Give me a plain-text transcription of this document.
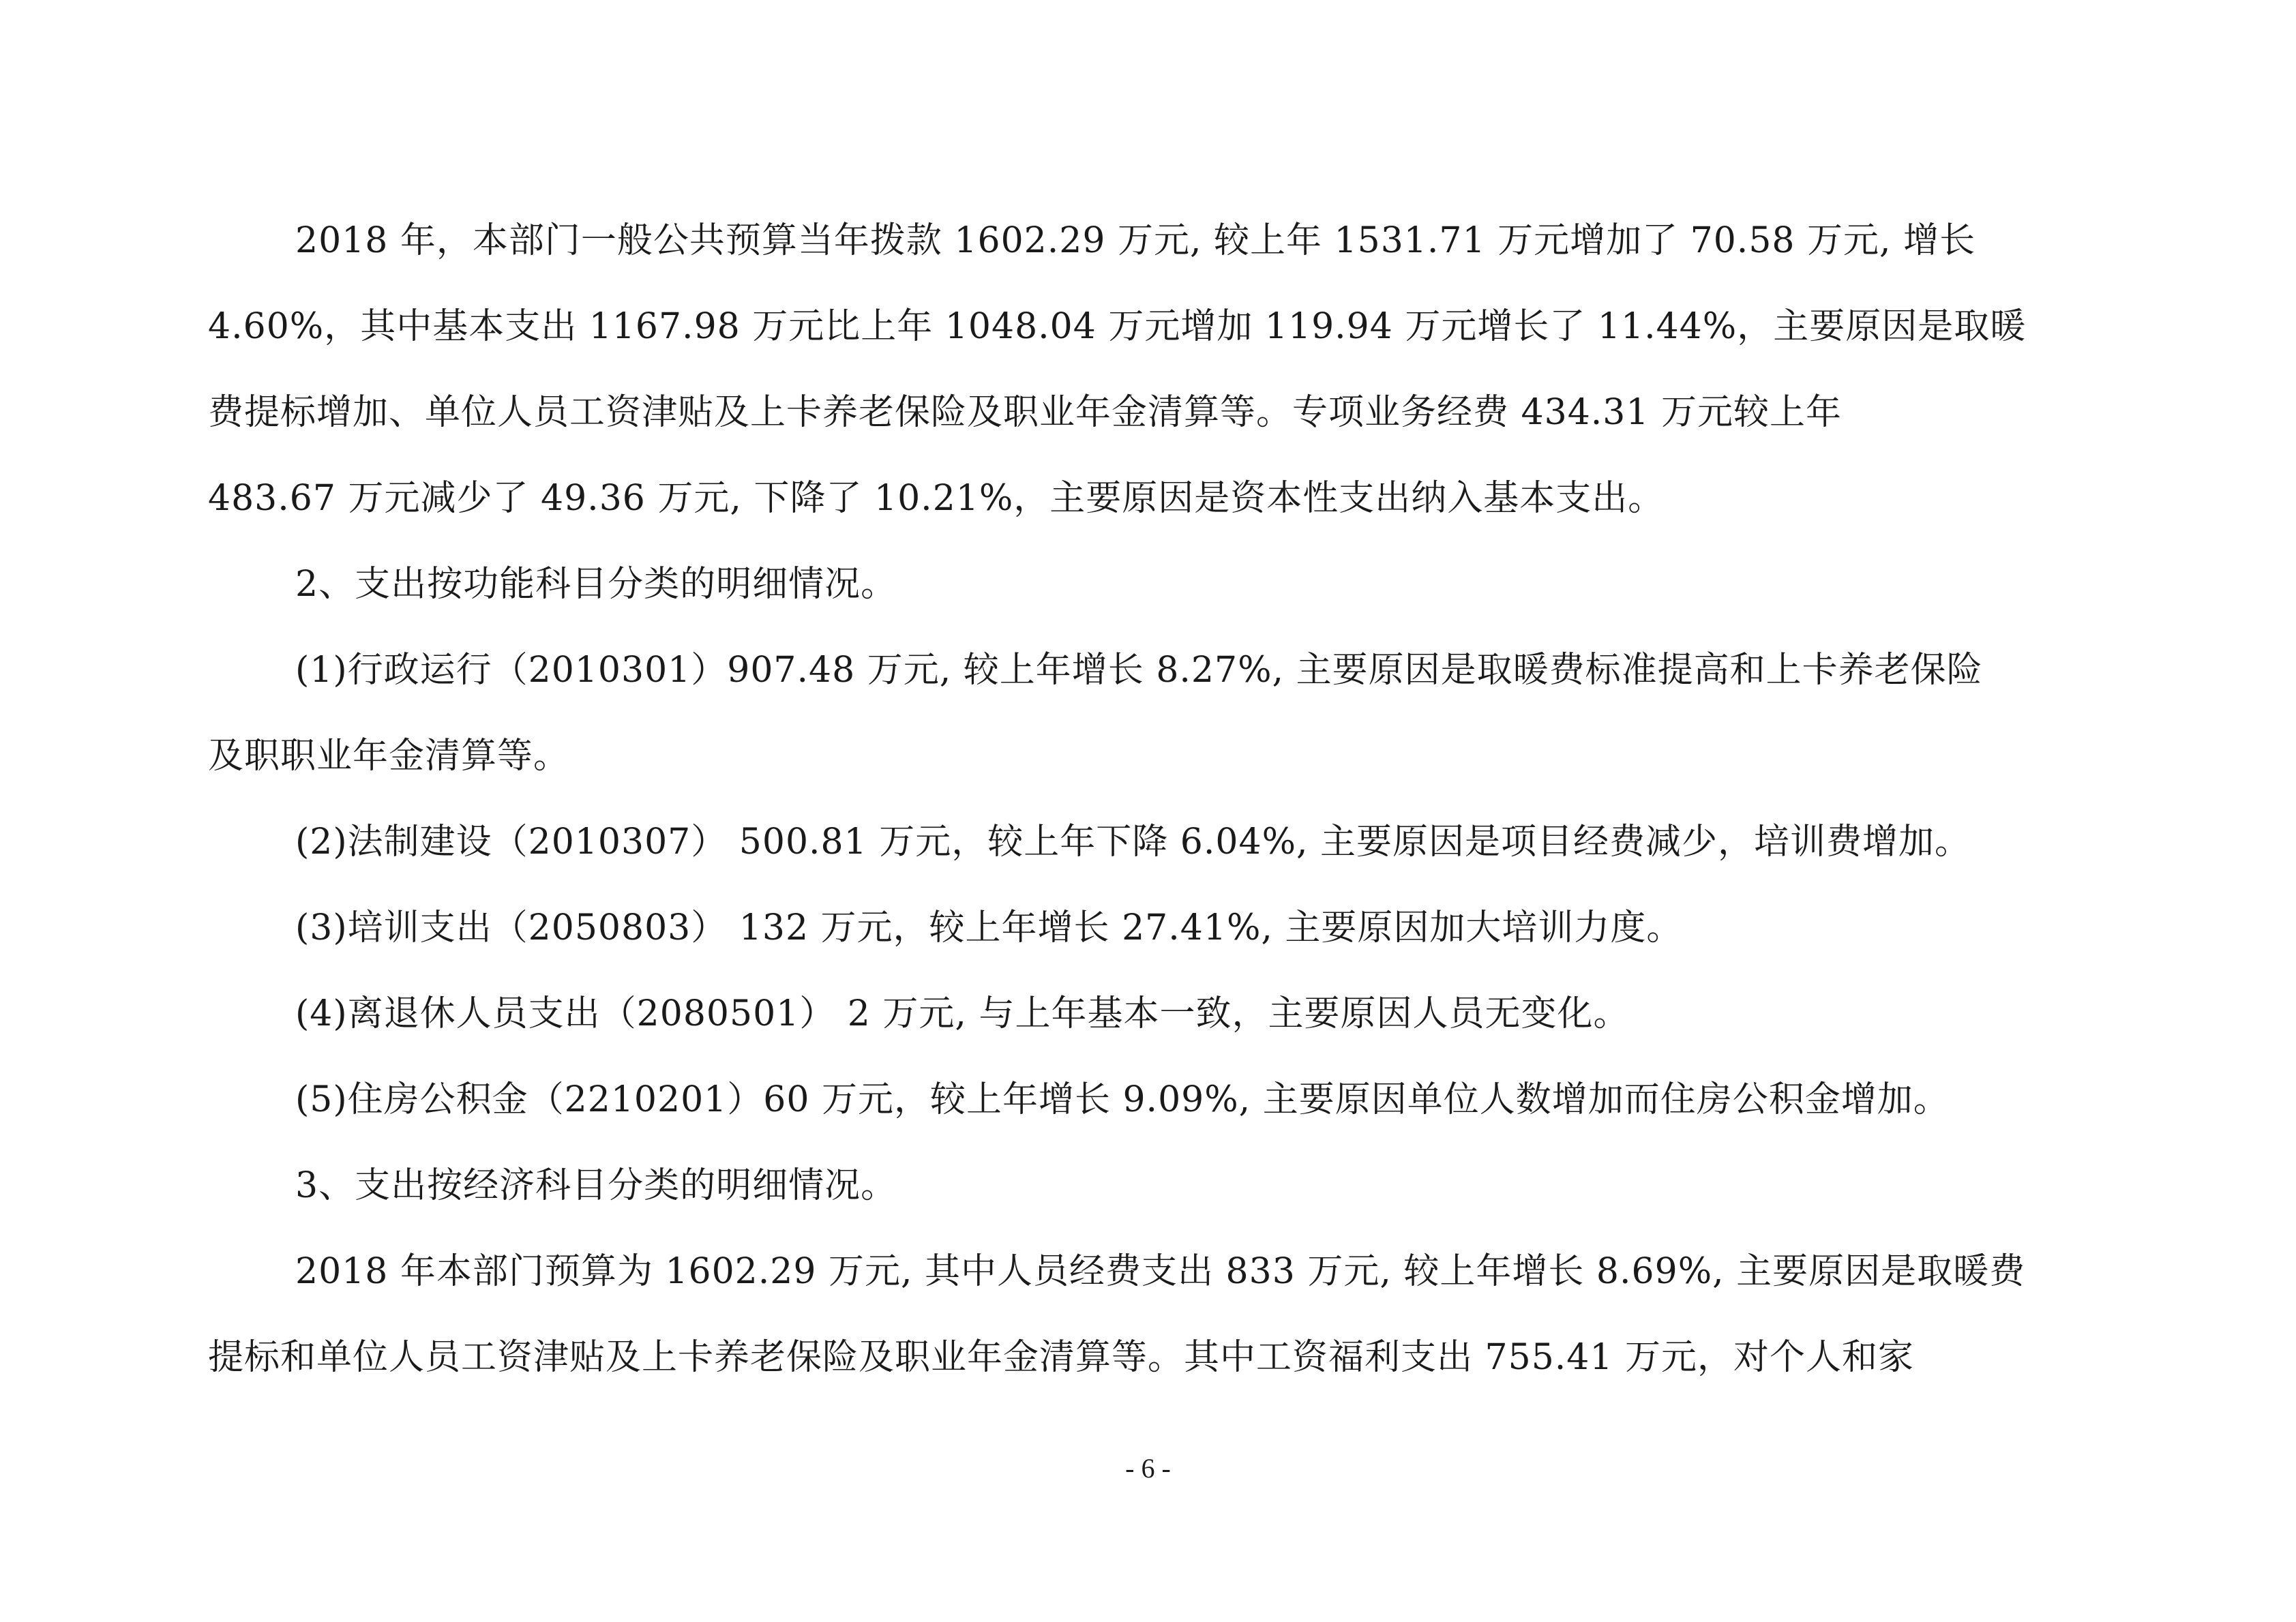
2018 年，本部门一般公共预算当年拨款 1602.29 万元, 较上年 1531.71 万元增加了 70.58 万元, 增长
4.60%，其中基本支出 1167.98 万元比上年 1048.04 万元增加 119.94 万元增长了 11.44%，主要原因是取暖
费提标增加、单位人员工资津贴及上卡养老保险及职业年金清算等。专项业务经费 434.31 万元较上年
483.67 万元减少了 49.36 万元, 下降了 10.21%，主要原因是资本性支出纳入基本支出。
2、支出按功能科目分类的明细情况。
(1)行政运行（2010301）907.48 万元, 较上年增长 8.27%, 主要原因是取暖费标准提高和上卡养老保险
及职职业年金清算等。
(2)法制建设（2010307） 500.81 万元，较上年下降 6.04%, 主要原因是项目经费减少，培训费增加。
(3)培训支出（2050803） 132 万元，较上年增长 27.41%, 主要原因加大培训力度。
(4)离退休人员支出（2080501） 2 万元, 与上年基本一致，主要原因人员无变化。
(5)住房公积金（2210201）60 万元，较上年增长 9.09%, 主要原因单位人数增加而住房公积金增加。
3、支出按经济科目分类的明细情况。
2018 年本部门预算为 1602.29 万元, 其中人员经费支出 833 万元, 较上年增长 8.69%, 主要原因是取暖费
提标和单位人员工资津贴及上卡养老保险及职业年金清算等。其中工资福利支出 755.41 万元，对个人和家
- 6 -
